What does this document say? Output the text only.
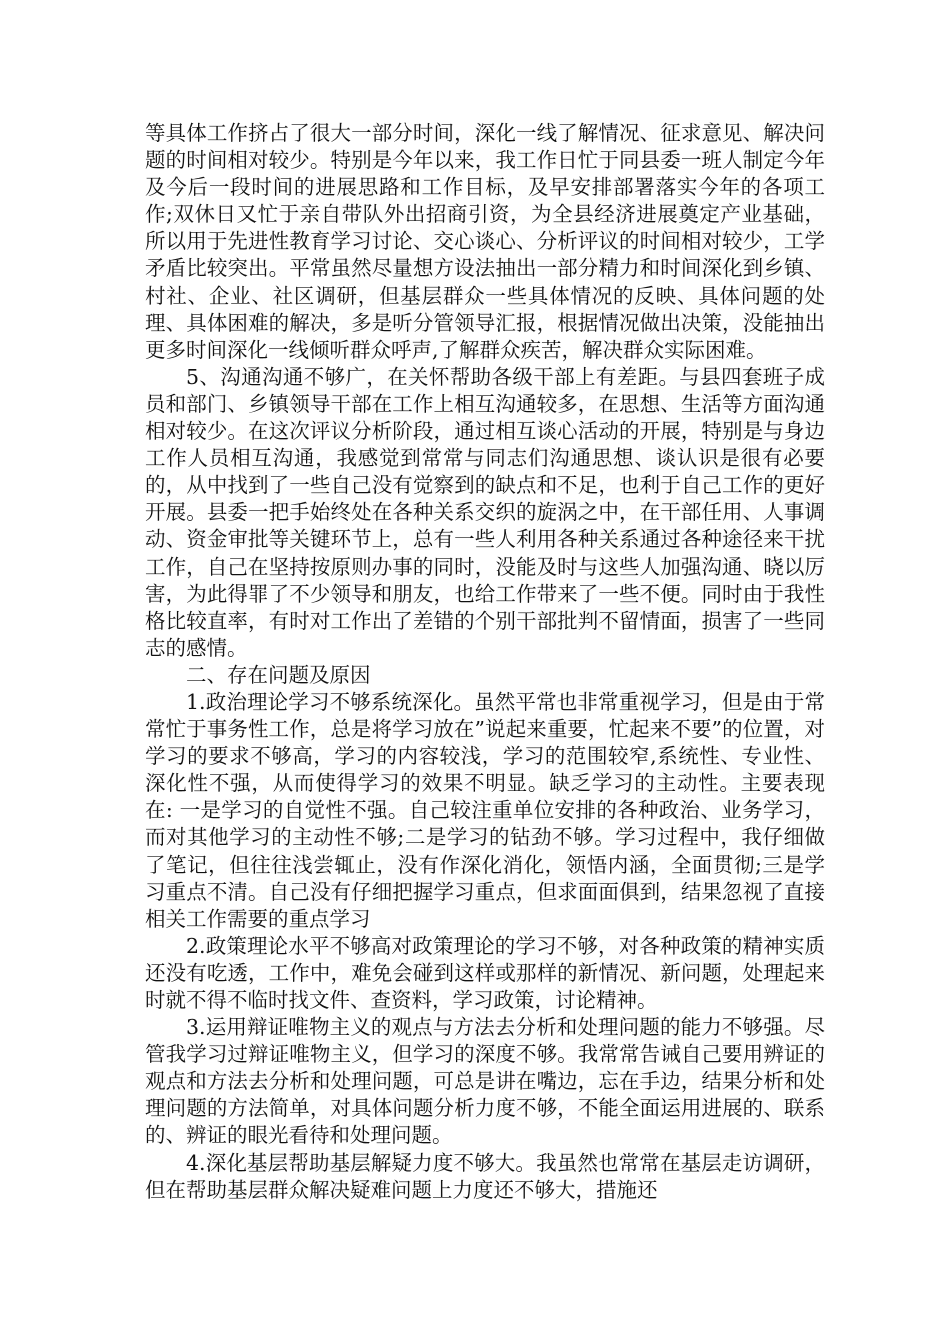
等具体工作挤占了很大一部分时间，深化一线了解情况、征求意见、解决问题的时间相对较少。特别是今年以来，我工作日忙于同县委一班人制定今年及今后一段时间的进展思路和工作目标，及早安排部署落实今年的各项工作;双休日又忙于亲自带队外出招商引资，为全县经济进展奠定产业基础，所以用于先进性教育学习讨论、交心谈心、分析评议的时间相对较少，工学矛盾比较突出。平常虽然尽量想方设法抽出一部分精力和时间深化到乡镇、村社、企业、社区调研，但基层群众一些具体情况的反映、具体问题的处理、具体困难的解决，多是听分管领导汇报，根据情况做出决策，没能抽出更多时间深化一线倾听群众呼声,了解群众疾苦，解决群众实际困难。

5、沟通沟通不够广，在关怀帮助各级干部上有差距。与县四套班子成员和部门、乡镇领导干部在工作上相互沟通较多，在思想、生活等方面沟通相对较少。在这次评议分析阶段，通过相互谈心活动的开展，特别是与身边工作人员相互沟通，我感觉到常常与同志们沟通思想、谈认识是很有必要的，从中找到了一些自己没有觉察到的缺点和不足，也利于自己工作的更好开展。县委一把手始终处在各种关系交织的旋涡之中，在干部任用、人事调动、资金审批等关键环节上，总有一些人利用各种关系通过各种途径来干扰工作，自己在坚持按原则办事的同时，没能及时与这些人加强沟通、晓以厉害，为此得罪了不少领导和朋友，也给工作带来了一些不便。同时由于我性格比较直率，有时对工作出了差错的个别干部批判不留情面，损害了一些同志的感情。

二、存在问题及原因

1.政治理论学习不够系统深化。虽然平常也非常重视学习，但是由于常常忙于事务性工作，总是将学习放在”说起来重要，忙起来不要”的位置，对学习的要求不够高，学习的内容较浅，学习的范围较窄,系统性、专业性、深化性不强，从而使得学习的效果不明显。缺乏学习的主动性。主要表现在: 一是学习的自觉性不强。自己较注重单位安排的各种政治、业务学习，而对其他学习的主动性不够;二是学习的钻劲不够。学习过程中，我仔细做了笔记，但往往浅尝辄止，没有作深化消化，领悟内涵，全面贯彻;三是学习重点不清。自己没有仔细把握学习重点，但求面面俱到，结果忽视了直接相关工作需要的重点学习

2.政策理论水平不够高对政策理论的学习不够，对各种政策的精神实质还没有吃透，工作中，难免会碰到这样或那样的新情况、新问题，处理起来时就不得不临时找文件、查资料，学习政策，讨论精神。

3.运用辩证唯物主义的观点与方法去分析和处理问题的能力不够强。尽管我学习过辩证唯物主义，但学习的深度不够。我常常告诫自己要用辨证的观点和方法去分析和处理问题，可总是讲在嘴边，忘在手边，结果分析和处理问题的方法简单，对具体问题分析力度不够，不能全面运用进展的、联系的、辨证的眼光看待和处理问题。

4.深化基层帮助基层解疑力度不够大。我虽然也常常在基层走访调研，但在帮助基层群众解决疑难问题上力度还不够大，措施还
